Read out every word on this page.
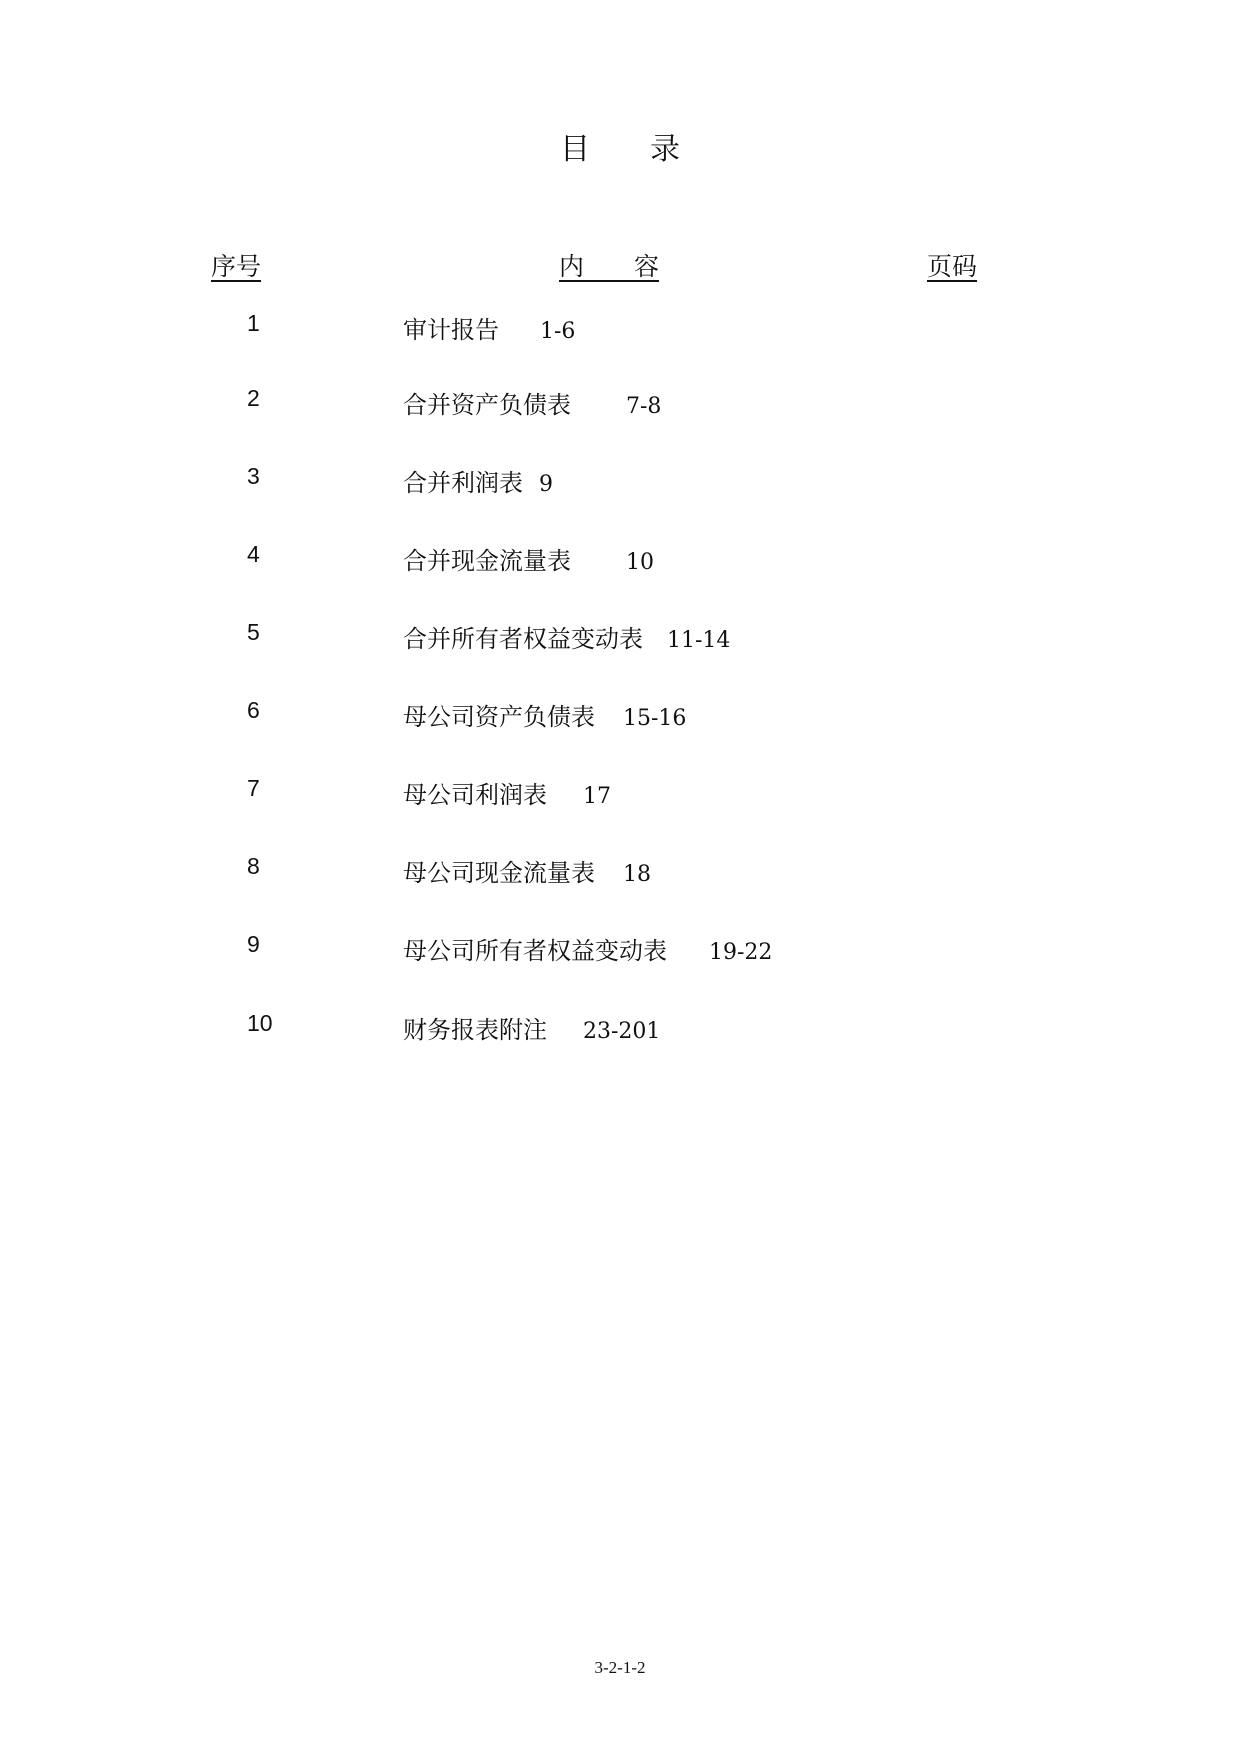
目　　录
序号	内　　容	页码
1	审计报告 1-6
2	合并资产负债表	7-8
3	合并利润表 9
4	合并现金流量表	10
5	合并所有者权益变动表 11-14
6	母公司资产负债表 15-16
7	母公司利润表 17
8	母公司现金流量表 18
9	母公司所有者权益变动表 19-22
10	财务报表附注 23-201
3-2-1-2
